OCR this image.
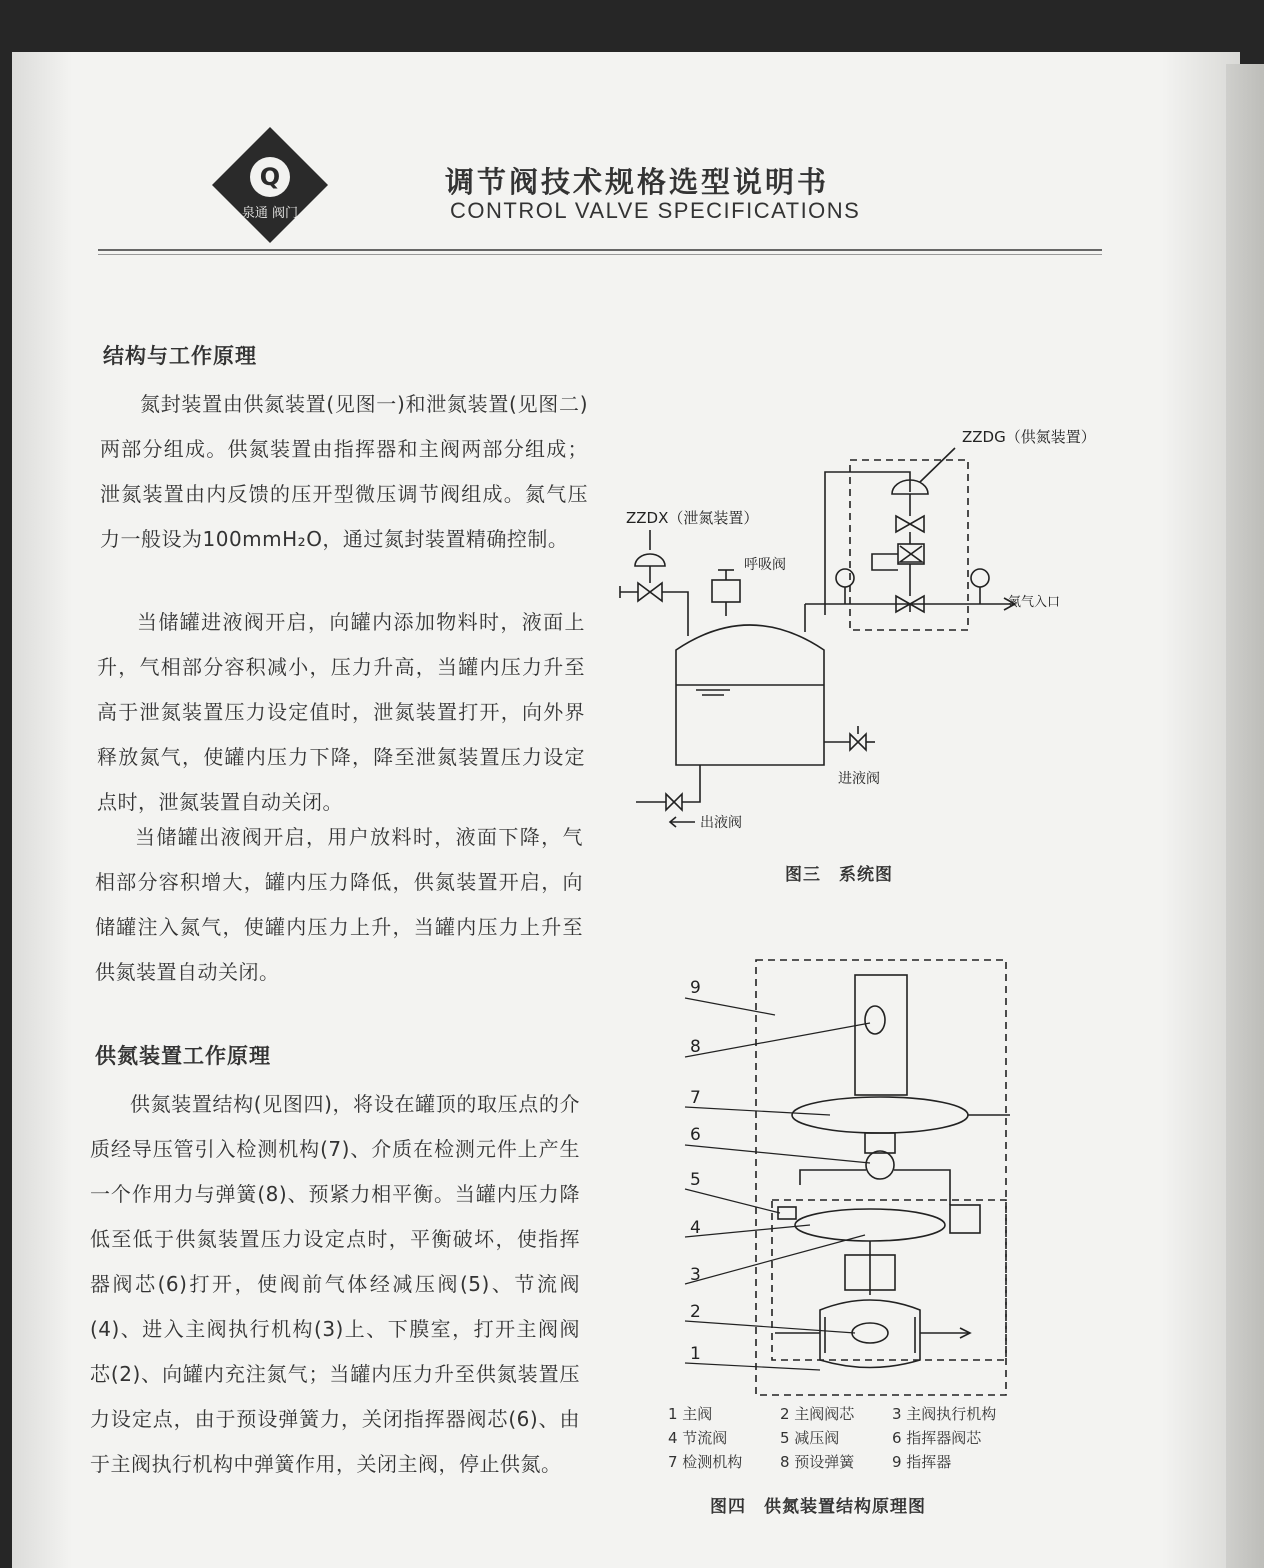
Q
泉通 阀门
调节阀技术规格选型说明书
CONTROL VALVE SPECIFICATIONS
结构与工作原理

氮封装置由供氮装置(见图一)和泄氮装置(见图二)两部分组成。供氮装置由指挥器和主阀两部分组成；泄氮装置由内反馈的压开型微压调节阀组成。氮气压力一般设为100mmH₂O，通过氮封装置精确控制。

当储罐进液阀开启，向罐内添加物料时，液面上升，气相部分容积减小，压力升高，当罐内压力升至高于泄氮装置压力设定值时，泄氮装置打开，向外界释放氮气，使罐内压力下降，降至泄氮装置压力设定点时，泄氮装置自动关闭。

当储罐出液阀开启，用户放料时，液面下降，气相部分容积增大，罐内压力降低，供氮装置开启，向储罐注入氮气，使罐内压力上升，当罐内压力上升至供氮装置自动关闭。

供氮装置工作原理

供氮装置结构(见图四)，将设在罐顶的取压点的介质经导压管引入检测机构(7)、介质在检测元件上产生一个作用力与弹簧(8)、预紧力相平衡。当罐内压力降低至低于供氮装置压力设定点时，平衡破坏，使指挥器阀芯(6)打开，使阀前气体经减压阀(5)、节流阀(4)、进入主阀执行机构(3)上、下膜室，打开主阀阀芯(2)、向罐内充注氮气；当罐内压力升至供氮装置压力设定点，由于预设弹簧力，关闭指挥器阀芯(6)、由于主阀执行机构中弹簧作用，关闭主阀，停止供氮。

ZZDG（供氮装置）
氮气入口
ZZDX（泄氮装置）
呼吸阀
进液阀
出液阀
图三　系统图
9
8
7
6
5
4
3
2
1
1 主阀	2 主阀阀芯	3 主阀执行机构
4 节流阀	5 减压阀	6 指挥器阀芯
7 检测机构	8 预设弹簧	9 指挥器
图四　供氮装置结构原理图
